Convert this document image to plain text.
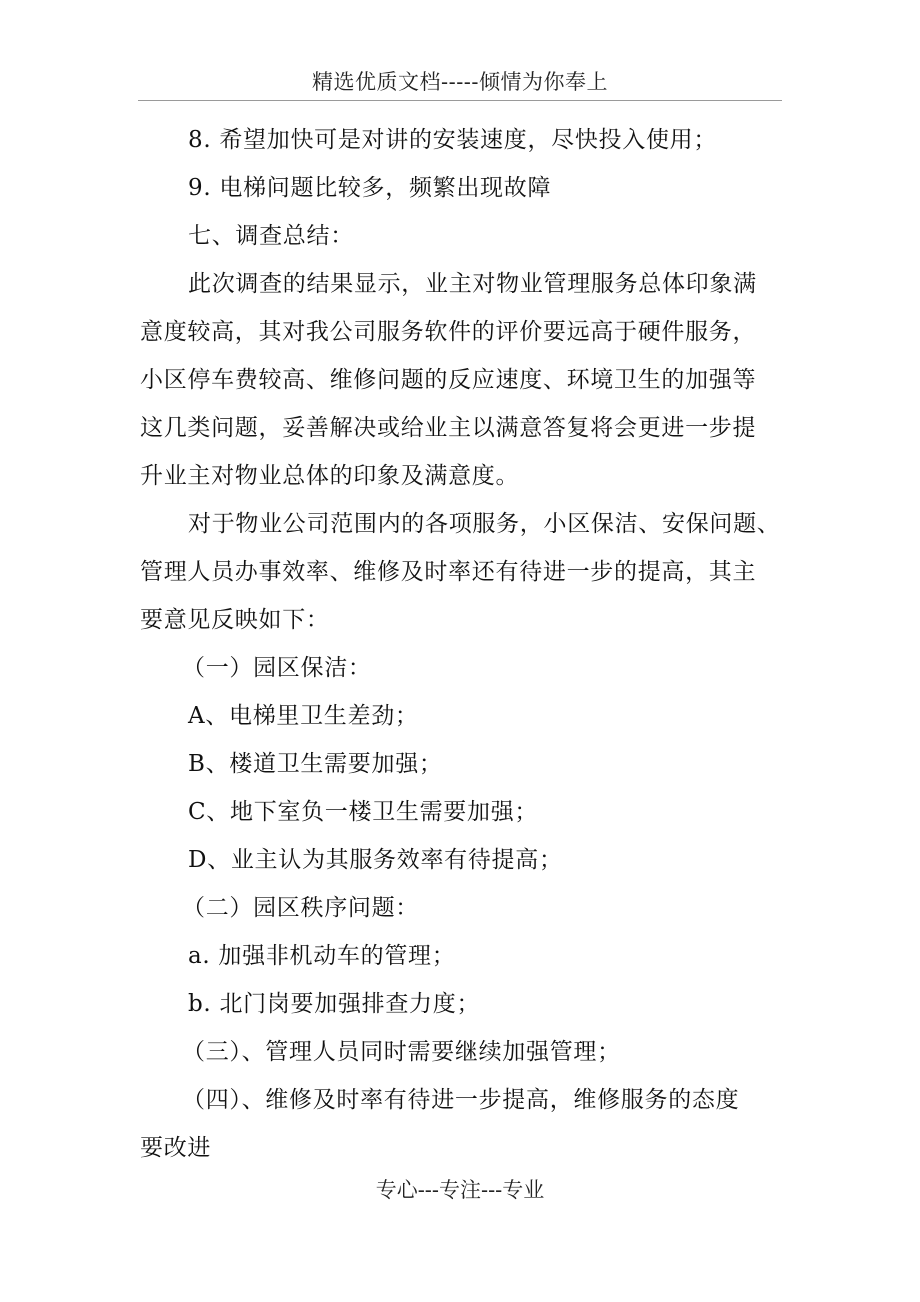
精选优质文档-----倾情为你奉上
8. 希望加快可是对讲的安装速度，尽快投入使用；
9. 电梯问题比较多，频繁出现故障
七、调查总结：
此次调查的结果显示，业主对物业管理服务总体印象满
意度较高，其对我公司服务软件的评价要远高于硬件服务，
小区停车费较高、维修问题的反应速度、环境卫生的加强等
这几类问题，妥善解决或给业主以满意答复将会更进一步提
升业主对物业总体的印象及满意度。
对于物业公司范围内的各项服务，小区保洁、安保问题、
管理人员办事效率、维修及时率还有待进一步的提高，其主
要意见反映如下：
（一）园区保洁：
A、电梯里卫生差劲；
B、楼道卫生需要加强；
C、地下室负一楼卫生需要加强；
D、业主认为其服务效率有待提高；
（二）园区秩序问题：
a. 加强非机动车的管理；
b. 北门岗要加强排查力度；
（三）、管理人员同时需要继续加强管理；
（四）、维修及时率有待进一步提高，维修服务的态度
要改进
专心---专注---专业
